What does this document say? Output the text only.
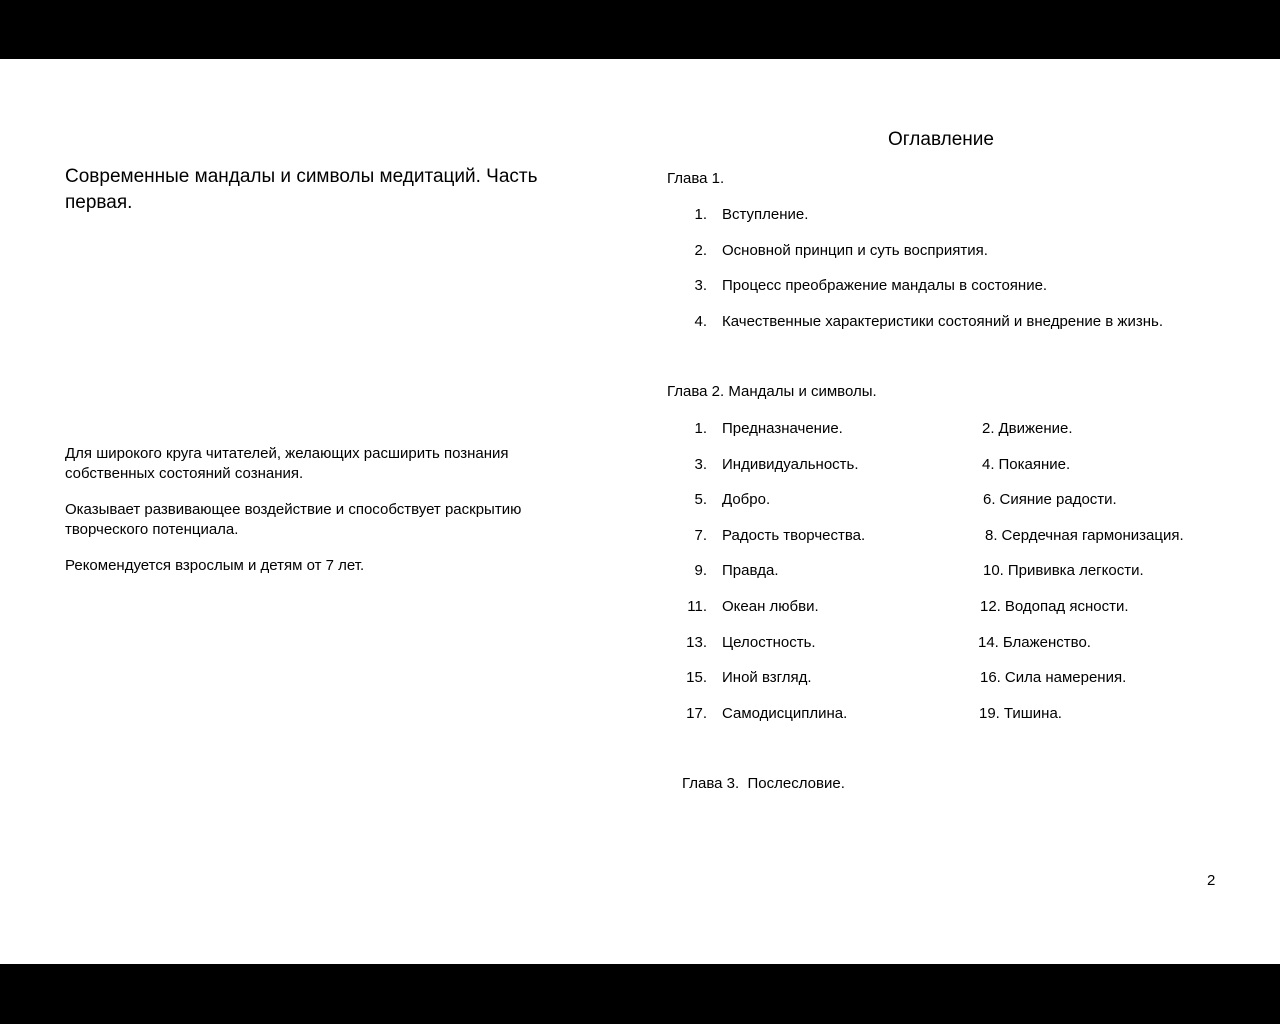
Современные мандалы и символы медитаций. Часть первая.
Для широкого круга читателей, желающих расширить познания собственных состояний сознания.
Оказывает развивающее воздействие и способствует раскрытию творческого потенциала.
Рекомендуется взрослым и детям от 7 лет.
Оглавление
Глава 1.
1. Вступление.
2. Основной принцип и суть восприятия.
3. Процесс преображение мандалы в состояние.
4. Качественные характеристики состояний и внедрение в жизнь.
Глава 2. Мандалы и символы.
1. Предназначение.
3. Индивидуальность.
5. Добро.
7. Радость творчества.
9. Правда.
11. Океан любви.
13. Целостность.
15. Иной взгляд.
17. Самодисциплина.
2. Движение.
4. Покаяние.
6. Сияние радости.
8. Сердечная гармонизация.
10. Прививка легкости.
12. Водопад ясности.
14. Блаженство.
16. Сила намерения.
19. Тишина.
Глава 3.  Послесловие.
2
